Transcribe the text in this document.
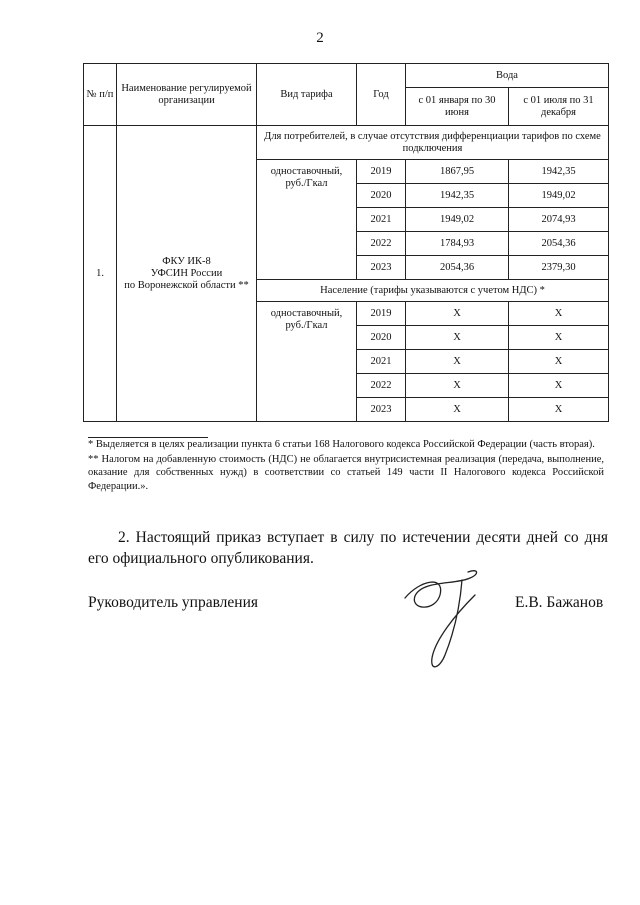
2
№ п/п	Наименование регулируемой организации	Вид тарифа	Год	Вода	
				с 01 января по 30 июня	с 01 июля по 31 декабря
1.	ФКУ ИК-8
УФСИН России
по Воронежской области **	Для потребителей, в случае отсутствия дифференциации тарифов по схеме подключения			
		одноставочный, руб./Гкал	2019	1867,95	1942,35
			2020	1942,35	1949,02
			2021	1949,02	2074,93
			2022	1784,93	2054,36
			2023	2054,36	2379,30
		Население (тарифы указываются с учетом НДС) *			
		одноставочный, руб./Гкал	2019	Х	Х
			2020	Х	Х
			2021	Х	Х
			2022	Х	Х
			2023	Х	Х

* Выделяется в целях реализации пункта 6 статьи 168 Налогового кодекса Российской Федерации (часть вторая).

** Налогом на добавленную стоимость (НДС) не облагается внутрисистемная реализация (передача, выполнение, оказание для собственных нужд) в соответствии со статьей 149 части II Налогового кодекса Российской Федерации.».

2. Настоящий приказ вступает в силу по истечении десяти дней со дня его официального опубликования.
Руководитель управления	Е.В. Бажанов
